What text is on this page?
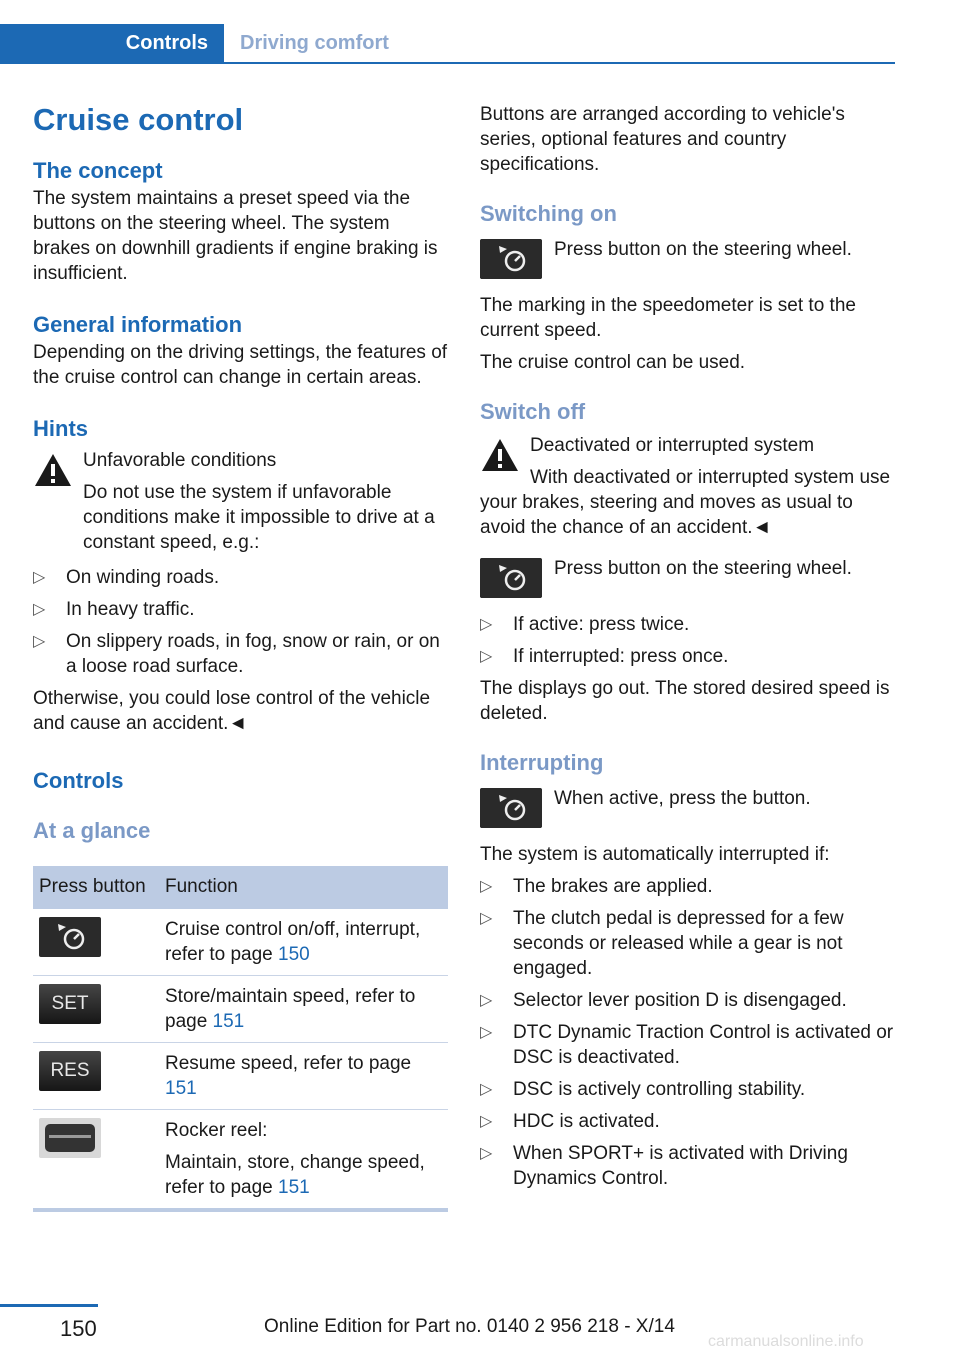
Controls	Driving comfort
Cruise control
The concept

The system maintains a preset speed via the buttons on the steering wheel. The system brakes on downhill gradients if engine braking is insufficient.

General information

Depending on the driving settings, the features of the cruise control can change in certain areas.

Hints
Unfavorable conditions
Do not use the system if unfavorable conditions make it impossible to drive at a constant speed, e.g.:
▷ On winding roads.
▷ In heavy traffic.
▷ On slippery roads, in fog, snow or rain, or on a loose road surface.

Otherwise, you could lose control of the vehicle and cause an accident.◄

Controls
At a glance
Press button	Function
	Cruise control on/off, interrupt, refer to page 150

SET	Store/maintain speed, refer to page 151

RES	Resume speed, refer to page 151

Rocker reel:
Maintain, store, change speed, refer to page 151

Buttons are arranged according to vehicle's series, optional features and country specifications.

Switching on

Press button on the steering wheel.

The marking in the speedometer is set to the current speed.

The cruise control can be used.

Switch off
Deactivated or interrupted system

With deactivated or interrupted system use your brakes, steering and moves as usual to avoid the chance of an accident.◄

Press button on the steering wheel.

▷ If active: press twice.
▷ If interrupted: press once.

The displays go out. The stored desired speed is deleted.

Interrupting

When active, press the button.

The system is automatically interrupted if:

▷ The brakes are applied.
▷ The clutch pedal is depressed for a few seconds or released while a gear is not engaged.
▷ Selector lever position D is disengaged.
▷ DTC Dynamic Traction Control is activated or DSC is deactivated.
▷ DSC is actively controlling stability.
▷ HDC is activated.
▷ When SPORT+ is activated with Driving Dynamics Control.
150	Online Edition for Part no. 0140 2 956 218 - X/14
carmanualsonline.info
